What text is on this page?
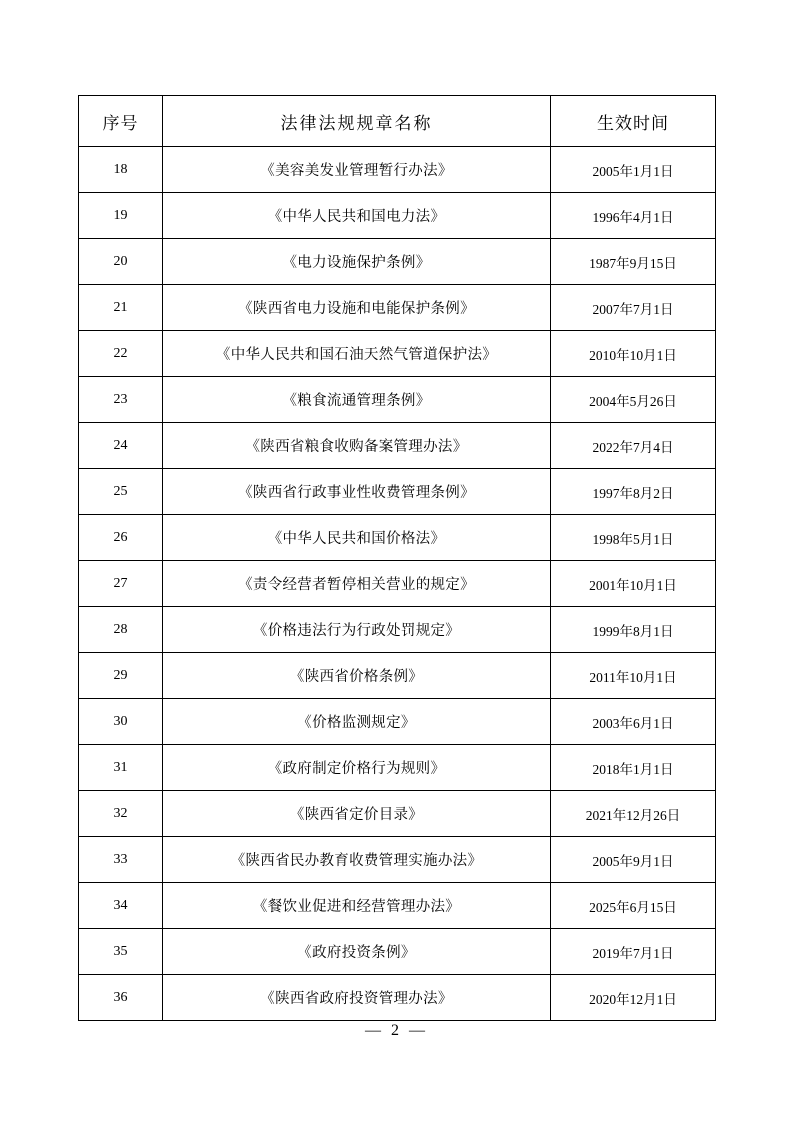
序号	法律法规规章名称	生效时间
18	《美容美发业管理暂行办法》	2005年1月1日
19	《中华人民共和国电力法》	1996年4月1日
20	《电力设施保护条例》	1987年9月15日
21	《陕西省电力设施和电能保护条例》	2007年7月1日
22	《中华人民共和国石油天然气管道保护法》	2010年10月1日
23	《粮食流通管理条例》	2004年5月26日
24	《陕西省粮食收购备案管理办法》	2022年7月4日
25	《陕西省行政事业性收费管理条例》	1997年8月2日
26	《中华人民共和国价格法》	1998年5月1日
27	《责令经营者暂停相关营业的规定》	2001年10月1日
28	《价格违法行为行政处罚规定》	1999年8月1日
29	《陕西省价格条例》	2011年10月1日
30	《价格监测规定》	2003年6月1日
31	《政府制定价格行为规则》	2018年1月1日
32	《陕西省定价目录》	2021年12月26日
33	《陕西省民办教育收费管理实施办法》	2005年9月1日
34	《餐饮业促进和经营管理办法》	2025年6月15日
35	《政府投资条例》	2019年7月1日
36	《陕西省政府投资管理办法》	2020年12月1日
— 2 —
